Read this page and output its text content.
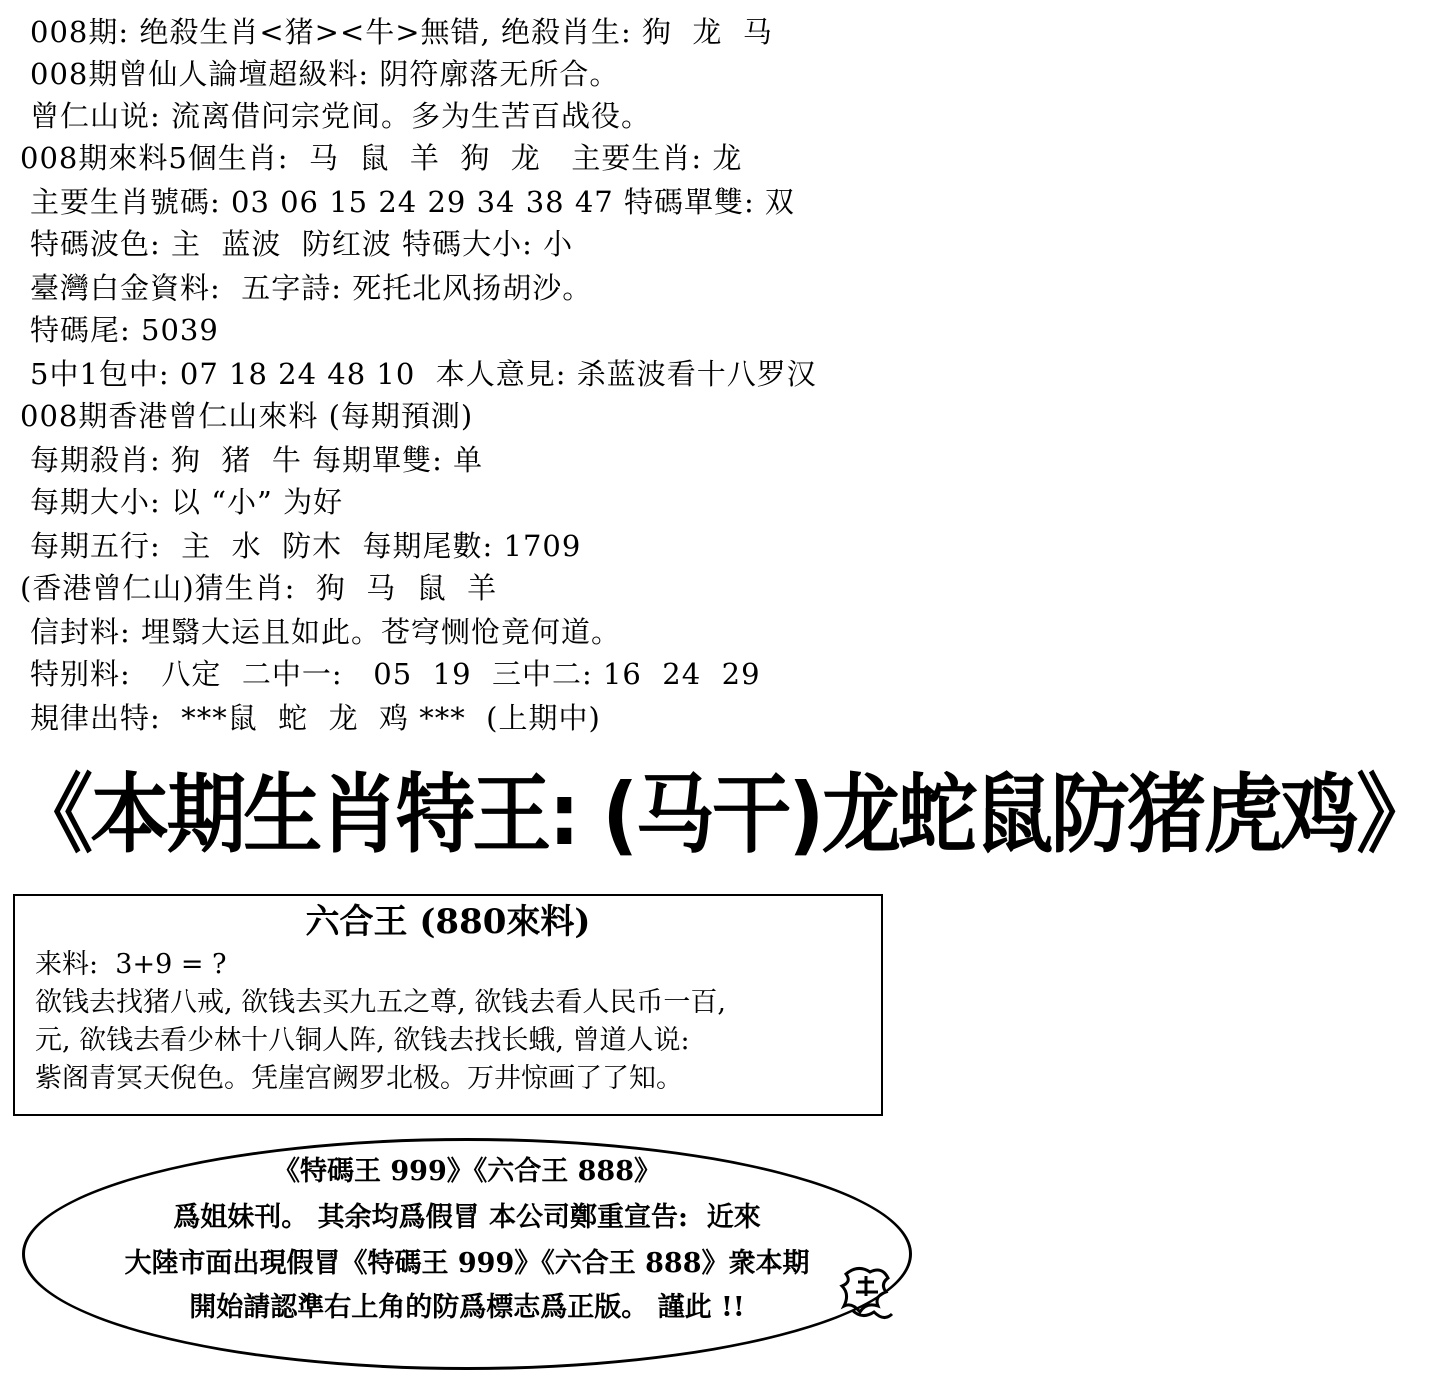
008期: 绝殺生肖<猪><牛>無错, 绝殺肖生: 狗  龙  马
008期曾仙人論壇超級料: 阴符廓落无所合。
曾仁山说: 流离借问宗党间。多为生苦百战役。
008期來料5個生肖:  马  鼠  羊  狗  龙   主要生肖: 龙
主要生肖號碼: 03 06 15 24 29 34 38 47 特碼單雙: 双
特碼波色: 主  蓝波  防红波 特碼大小: 小
臺灣白金資料:  五字詩: 死托北风扬胡沙。
特碼尾: 5039
5中1包中: 07 18 24 48 10  本人意見: 杀蓝波看十八罗汉
008期香港曾仁山來料 (每期預測)
每期殺肖: 狗  猪  牛 每期單雙: 单
每期大小: 以 “小” 为好
每期五行:  主  水  防木  每期尾數: 1709
(香港曾仁山)猜生肖:  狗  马  鼠  羊
信封料: 埋翳大运且如此。苍穹恻怆竟何道。
特别料:   八定  二中一:   05  19  三中二: 16  24  29
規律出特:  ***鼠  蛇  龙  鸡 ***  (上期中)
《本期生肖特王: (马干)龙蛇鼠防猪虎鸡》
六合王 (880來料)
来料:  3+9 = ?
欲钱去找猪八戒, 欲钱去买九五之尊, 欲钱去看人民币一百,
元, 欲钱去看少林十八铜人阵, 欲钱去找长蛾, 曾道人说:
紫阁青冥天倪色。凭崖宫阙罗北极。万井惊画了了知。
《特碼王 999》《六合王 888》
爲姐妹刊。 其余均爲假冒 本公司鄭重宣告:  近來
大陸市面出現假冒《特碼王 999》《六合王 888》衆本期
開始請認準右上角的防爲標志爲正版。 謹此 !!
